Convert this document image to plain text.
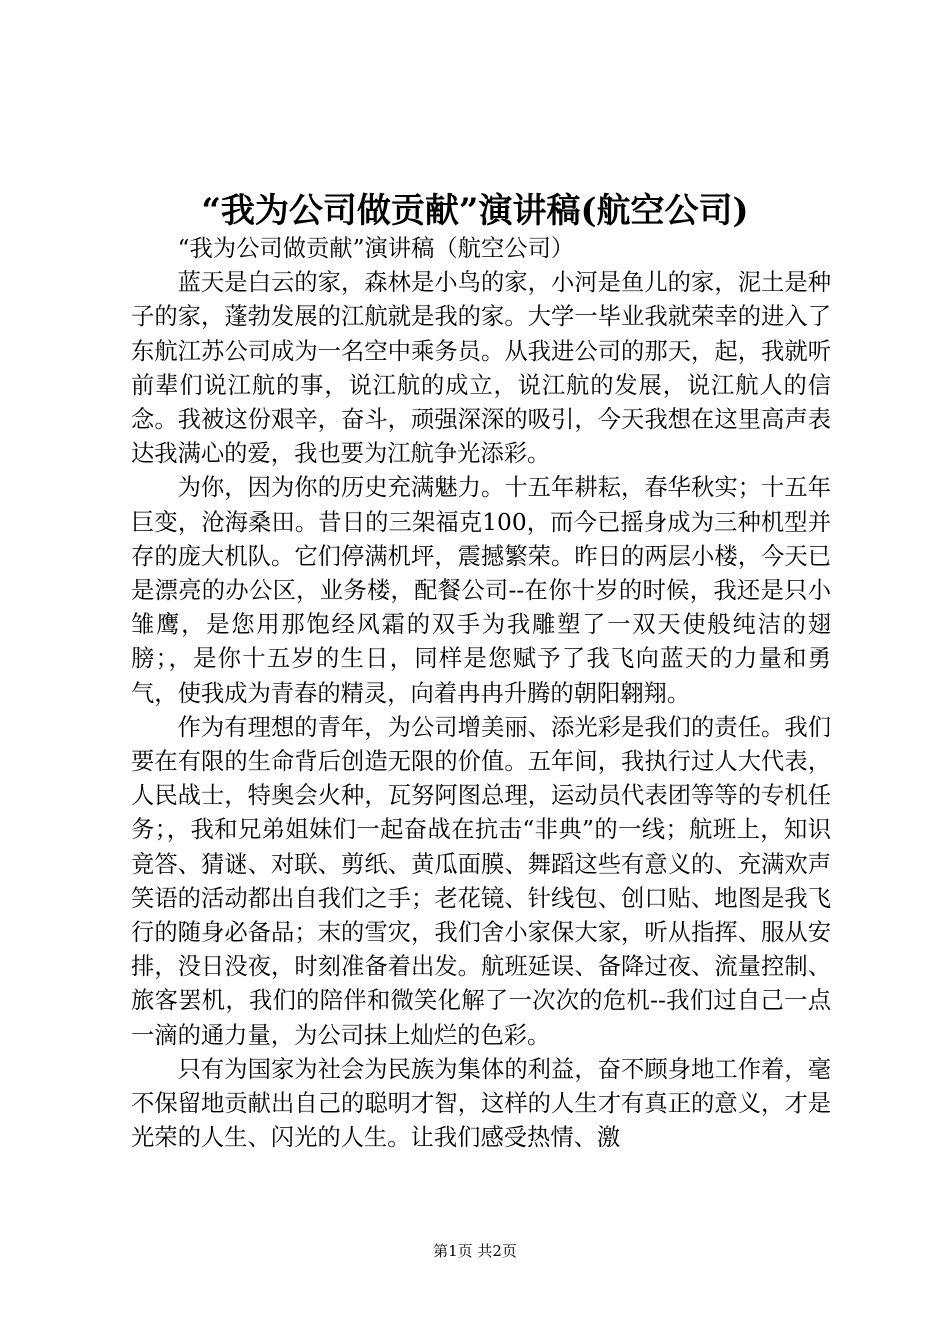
“我为公司做贡献”演讲稿(航空公司)

“我为公司做贡献”演讲稿（航空公司）

蓝天是白云的家，森林是小鸟的家，小河是鱼儿的家，泥土是种子的家，蓬勃发展的江航就是我的家。大学一毕业我就荣幸的进入了东航江苏公司成为一名空中乘务员。从我进公司的那天，起，我就听前辈们说江航的事，说江航的成立，说江航的发展，说江航人的信念。我被这份艰辛，奋斗，顽强深深的吸引，今天我想在这里高声表达我满心的爱，我也要为江航争光添彩。

为你，因为你的历史充满魅力。十五年耕耘，春华秋实；十五年巨变，沧海桑田。昔日的三架福克100，而今已摇身成为三种机型并存的庞大机队。它们停满机坪，震撼繁荣。昨日的两层小楼，今天已是漂亮的办公区，业务楼，配餐公司--在你十岁的时候，我还是只小雏鹰，是您用那饱经风霜的双手为我雕塑了一双天使般纯洁的翅膀；，是你十五岁的生日，同样是您赋予了我飞向蓝天的力量和勇气，使我成为青春的精灵，向着冉冉升腾的朝阳翱翔。

作为有理想的青年，为公司增美丽、添光彩是我们的责任。我们要在有限的生命背后创造无限的价值。五年间，我执行过人大代表，人民战士，特奥会火种，瓦努阿图总理，运动员代表团等等的专机任务；，我和兄弟姐妹们一起奋战在抗击“非典”的一线；航班上，知识竟答、猜谜、对联、剪纸、黄瓜面膜、舞蹈这些有意义的、充满欢声笑语的活动都出自我们之手；老花镜、针线包、创口贴、地图是我飞行的随身必备品；末的雪灾，我们舍小家保大家，听从指挥、服从安排，没日没夜，时刻准备着出发。航班延误、备降过夜、流量控制、旅客罢机，我们的陪伴和微笑化解了一次次的危机--我们过自己一点一滴的通力量，为公司抹上灿烂的色彩。

只有为国家为社会为民族为集体的利益，奋不顾身地工作着，毫不保留地贡献出自己的聪明才智，这样的人生才有真正的意义，才是光荣的人生、闪光的人生。让我们感受热情、激

第1页 共2页
